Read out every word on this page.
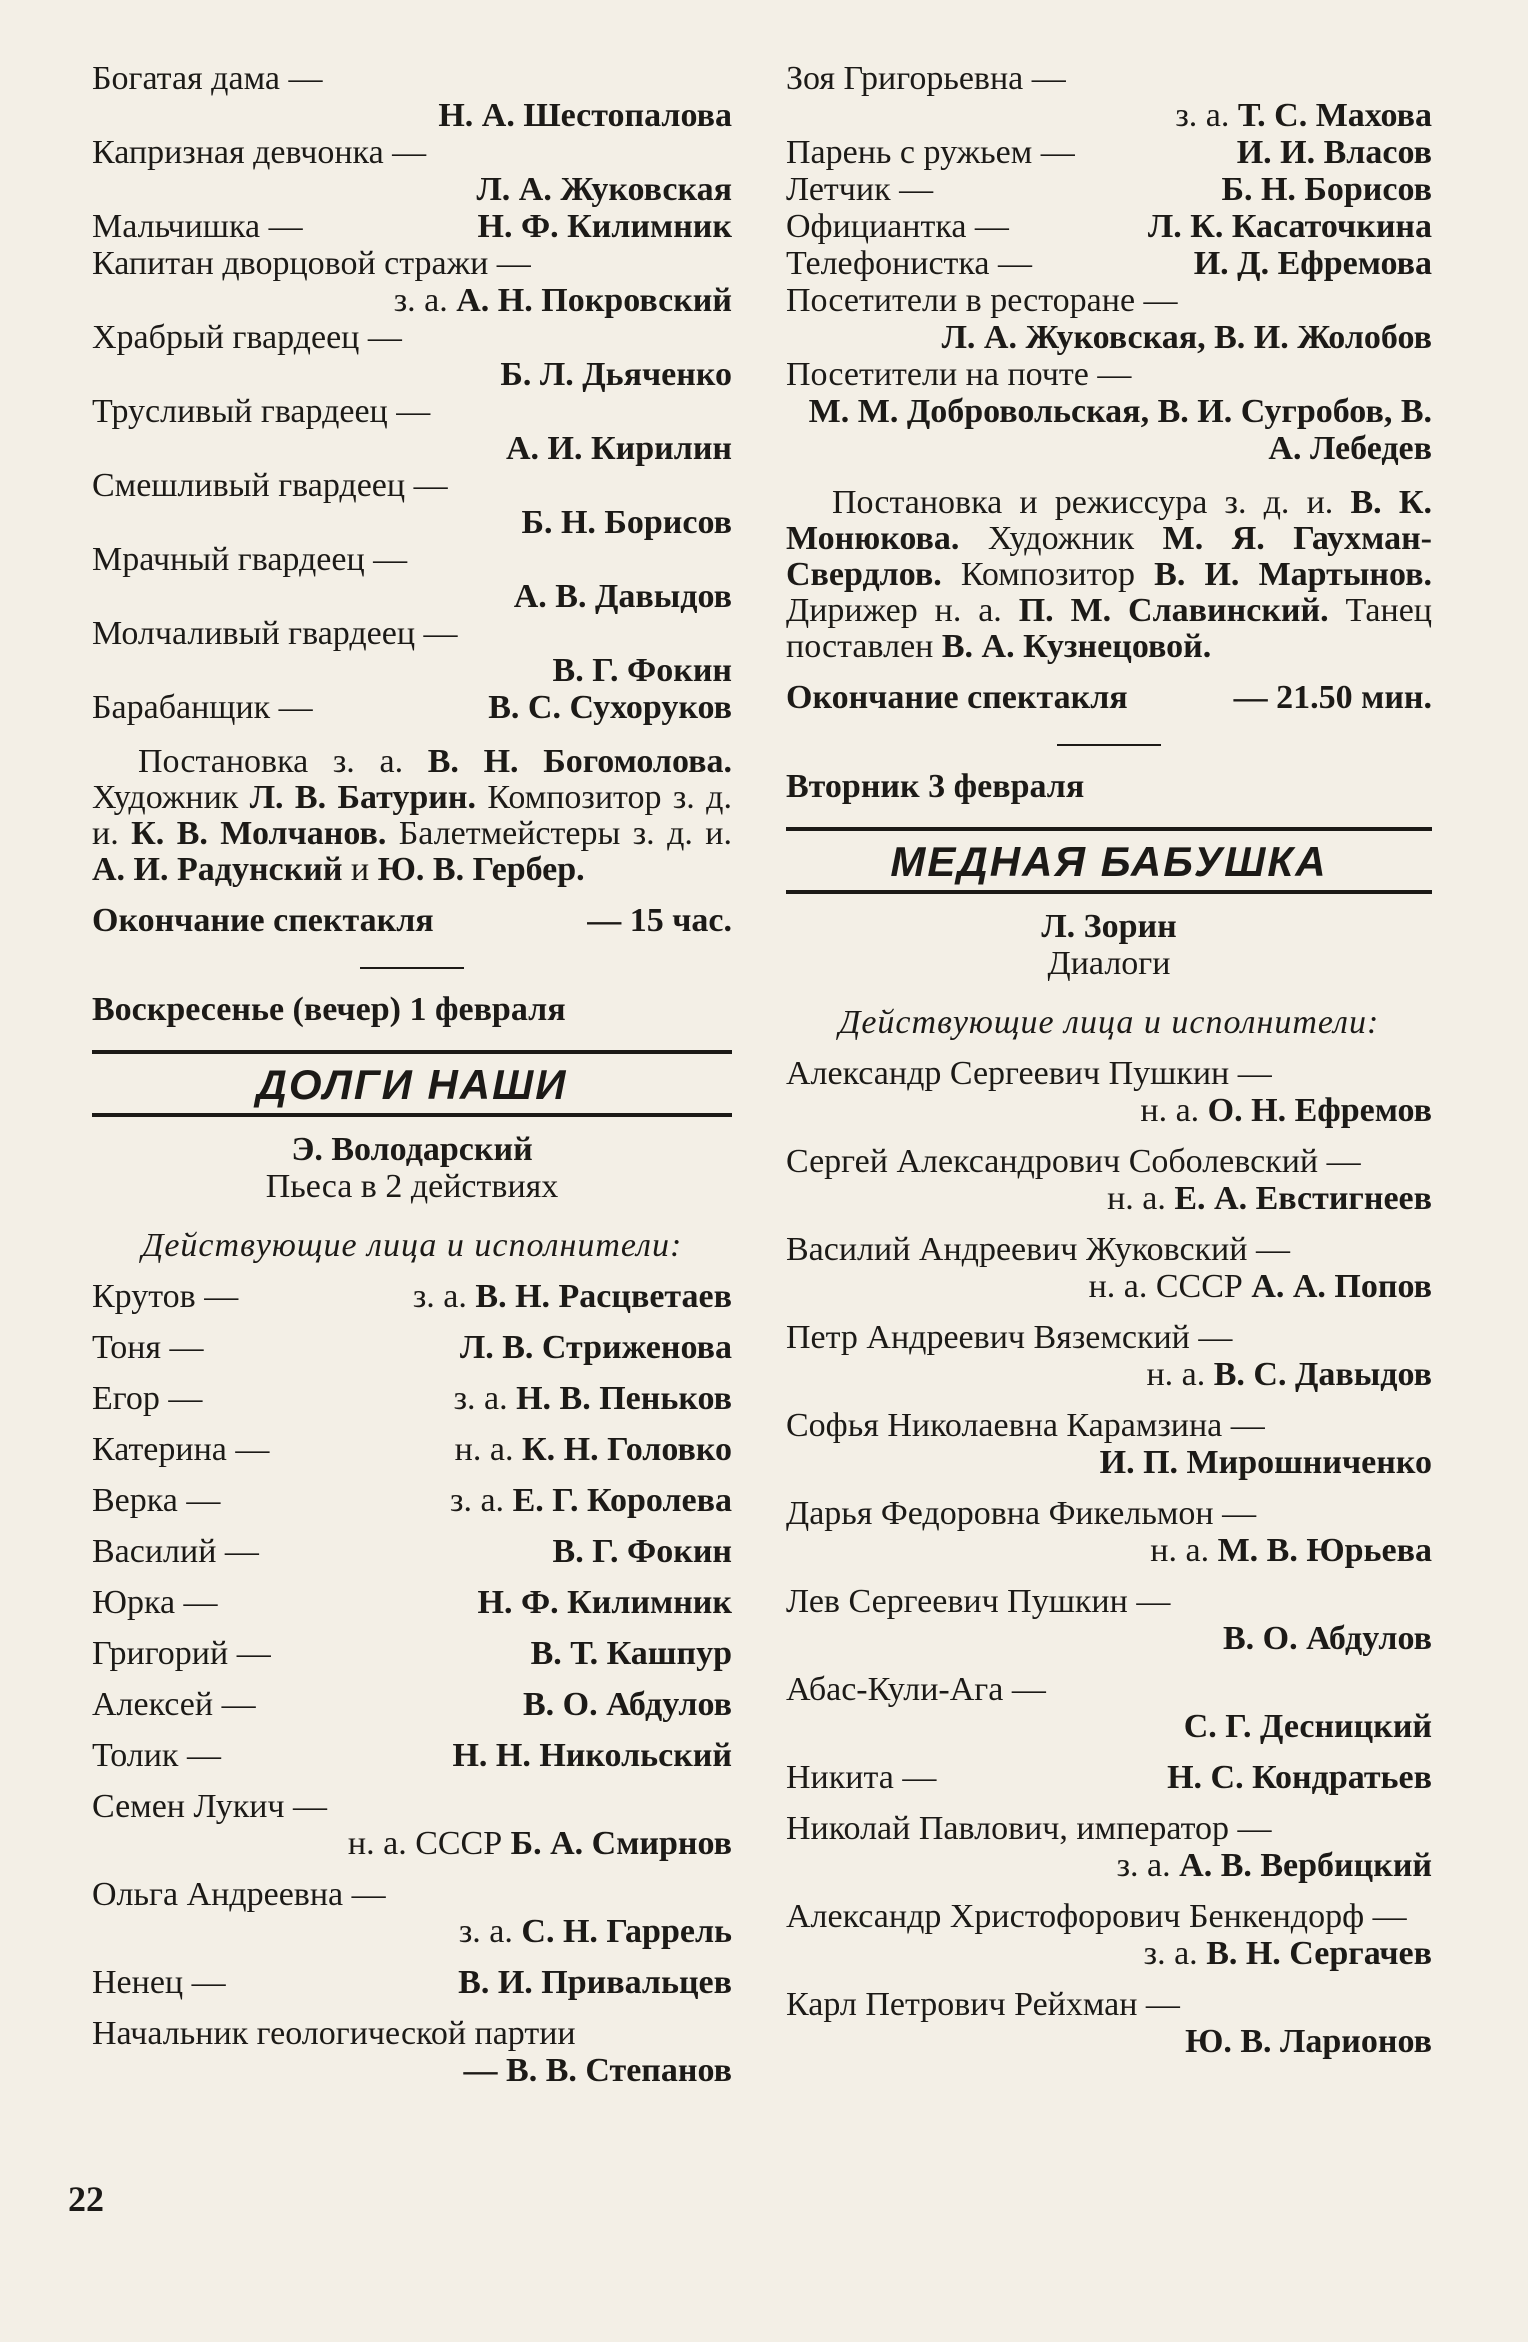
Богатая дама —
Н. А. Шестопалова
Капризная девчонка —
Л. А. Жуковская
Мальчишка —	Н. Ф. Килимник
Капитан дворцовой стражи —
з. а. А. Н. Покровский
Храбрый гвардеец —
Б. Л. Дьяченко
Трусливый гвардеец —
А. И. Кирилин
Смешливый гвардеец —
Б. Н. Борисов
Мрачный гвардеец —
А. В. Давыдов
Молчаливый гвардеец —
В. Г. Фокин
Барабанщик —	В. С. Сухоруков

Постановка з. а. В. Н. Богомолова. Художник Л. В. Батурин. Композитор з. д. и. К. В. Молчанов. Балетмейстеры з. д. и. А. И. Радунский и Ю. В. Гербер.

Окончание спектакля	— 15 час.
Воскресенье (вечер) 1 февраля
ДОЛГИ НАШИ
Э. Володарский
Пьеса в 2 действиях
Действующие лица и исполнители:
Крутов —	з. а. В. Н. Расцветаев
Тоня —	Л. В. Стриженова
Егор —	з. а. Н. В. Пеньков
Катерина —	н. а. К. Н. Головко
Верка —	з. а. Е. Г. Королева
Василий —	В. Г. Фокин
Юрка —	Н. Ф. Килимник
Григорий —	В. Т. Кашпур
Алексей —	В. О. Абдулов
Толик —	Н. Н. Никольский
Семен Лукич —
н. а. СССР Б. А. Смирнов
Ольга Андреевна —
з. а. С. Н. Гаррель
Ненец —	В. И. Привальцев
Начальник геологической партии
— В. В. Степанов
Зоя Григорьевна —
з. а. Т. С. Махова
Парень с ружьем —	И. И. Власов
Летчик —	Б. Н. Борисов
Официантка —	Л. К. Касаточкина
Телефонистка —	И. Д. Ефремова
Посетители в ресторане —
Л. А. Жуковская, В. И. Жолобов
Посетители на почте —
М. М. Добровольская, В. И. Сугробов, В. А. Лебедев

Постановка и режиссура з. д. и. В. К. Монюкова. Художник М. Я. Гаухман-Свердлов. Композитор В. И. Мартынов. Дирижер н. а. П. М. Славинский. Танец поставлен В. А. Кузнецовой.

Окончание спектакля	— 21.50 мин.
Вторник 3 февраля
МЕДНАЯ БАБУШКА
Л. Зорин
Диалоги
Действующие лица и исполнители:
Александр Сергеевич Пушкин —
н. а. О. Н. Ефремов
Сергей Александрович Соболевский —
н. а. Е. А. Евстигнеев
Василий Андреевич Жуковский —
н. а. СССР А. А. Попов
Петр Андреевич Вяземский —
н. а. В. С. Давыдов
Софья Николаевна Карамзина —
И. П. Мирошниченко
Дарья Федоровна Фикельмон —
н. а. М. В. Юрьева
Лев Сергеевич Пушкин —
В. О. Абдулов
Абас-Кули-Ага —
С. Г. Десницкий
Никита —	Н. С. Кондратьев
Николай Павлович, император —
з. а. А. В. Вербицкий
Александр Христофорович Бенкендорф —
з. а. В. Н. Сергачев
Карл Петрович Рейхман —
Ю. В. Ларионов
22
